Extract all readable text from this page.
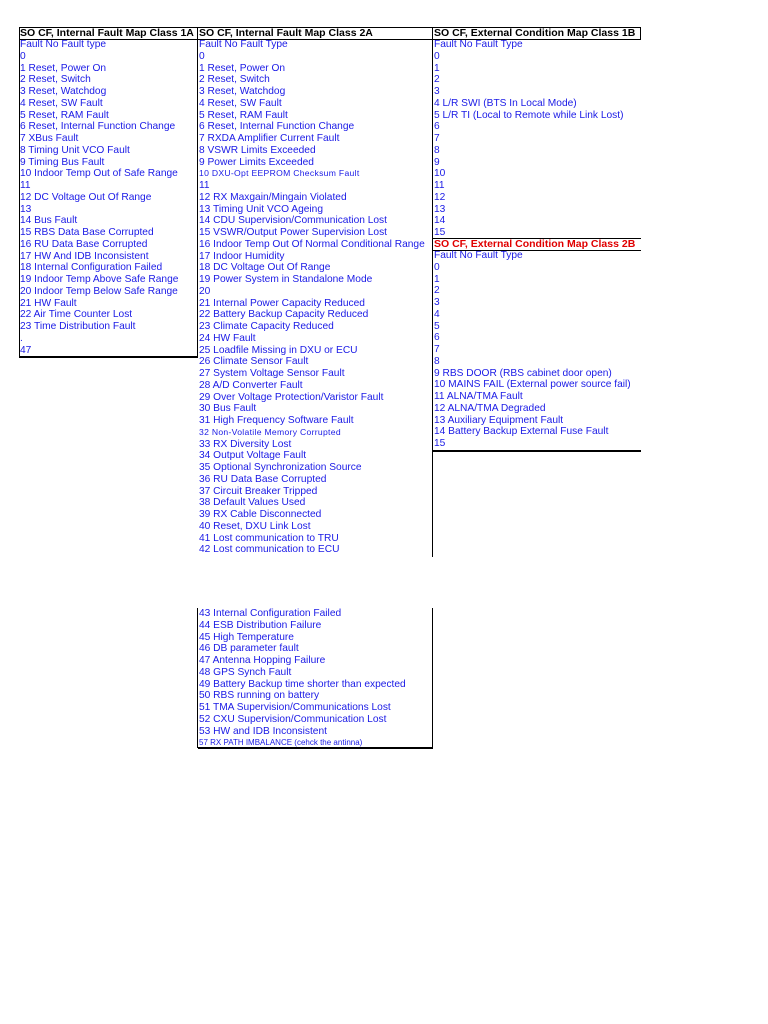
SO CF, Internal Fault Map Class 1A
Fault No Fault type
0
1 Reset, Power On
2 Reset, Switch
3 Reset, Watchdog
4 Reset, SW Fault
5 Reset, RAM Fault
6 Reset, Internal Function Change
7 XBus Fault
8 Timing Unit VCO Fault
9 Timing Bus Fault
10 Indoor Temp Out of Safe Range
11
12 DC Voltage Out Of Range
13
14 Bus Fault
15 RBS Data Base Corrupted
16 RU Data Base Corrupted
17 HW And IDB Inconsistent
18 Internal Configuration Failed
19 Indoor Temp Above Safe Range
20 Indoor Temp Below Safe Range
21 HW Fault
22 Air Time Counter Lost
23 Time Distribution Fault
.
47
SO CF, Internal Fault Map Class 2A
Fault No Fault Type
0
1 Reset, Power On
2 Reset, Switch
3 Reset, Watchdog
4 Reset, SW Fault
5 Reset, RAM Fault
6 Reset, Internal Function Change
7 RXDA Amplifier Current Fault
8 VSWR Limits Exceeded
9 Power Limits Exceeded
10 DXU-Opt EEPROM Checksum Fault
11
12 RX Maxgain/Mingain Violated
13 Timing Unit VCO Ageing
14 CDU Supervision/Communication Lost
15 VSWR/Output Power Supervision Lost
16 Indoor Temp Out Of Normal Conditional Range
17 Indoor Humidity
18 DC Voltage Out Of Range
19 Power System in Standalone Mode
20
21 Internal Power Capacity Reduced
22 Battery Backup Capacity Reduced
23 Climate Capacity Reduced
24 HW Fault
25 Loadfile Missing in DXU or ECU
26 Climate Sensor Fault
27 System Voltage Sensor Fault
28 A/D Converter Fault
29 Over Voltage Protection/Varistor Fault
30 Bus Fault
31 High Frequency Software Fault
32 Non-Volatile Memory Corrupted
33 RX Diversity Lost
34 Output Voltage Fault
35 Optional Synchronization Source
36 RU Data Base Corrupted
37 Circuit Breaker Tripped
38 Default Values Used
39 RX Cable Disconnected
40 Reset, DXU Link Lost
41 Lost communication to TRU
42 Lost communication to ECU
43 Internal Configuration Failed
44 ESB Distribution Failure
45 High Temperature
46 DB parameter fault
47 Antenna Hopping Failure
48 GPS Synch Fault
49 Battery Backup time shorter than expected
50 RBS running on battery
51 TMA Supervision/Communications Lost
52 CXU Supervision/Communication Lost
53 HW and IDB Inconsistent
57 RX PATH IMBALANCE (cehck the antinna)
SO CF, External Condition Map Class 1B
Fault No Fault Type
0
1
2
3
4 L/R SWI (BTS In Local Mode)
5 L/R TI (Local to Remote while Link Lost)
6
7
8
9
10
11
12
13
14
15
SO CF, External Condition Map Class 2B
Fault No Fault Type
0
1
2
3
4
5
6
7
8
9 RBS DOOR (RBS cabinet door open)
10 MAINS FAIL (External power source fail)
11 ALNA/TMA Fault
12 ALNA/TMA Degraded
13 Auxiliary Equipment Fault
14 Battery Backup External Fuse Fault
15
